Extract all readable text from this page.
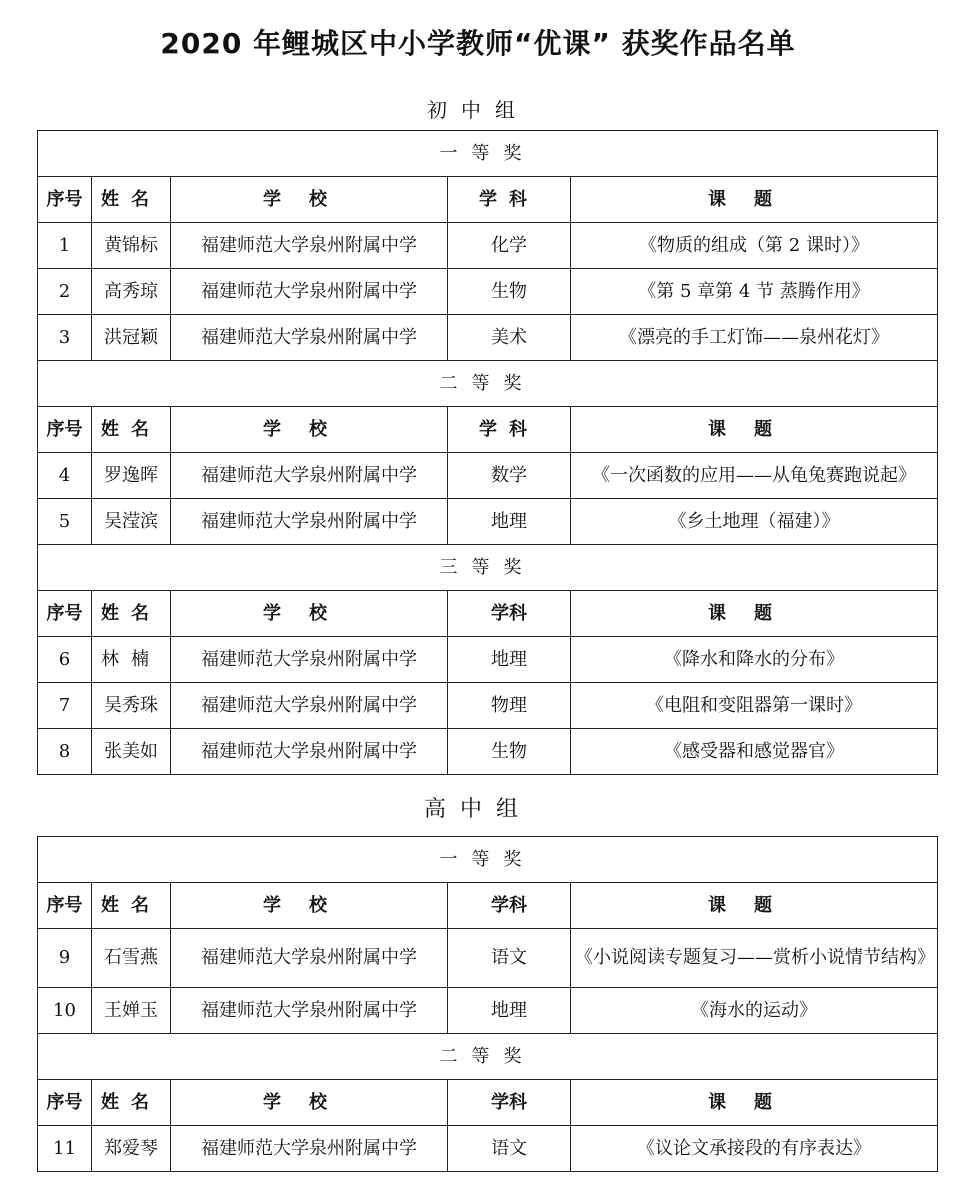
2020 年鲤城区中小学教师“优课” 获奖作品名单
初中组
一等奖				
序号	姓名	学校	学科	课题
1	黄锦标	福建师范大学泉州附属中学	化学	《物质的组成（第 2 课时）》
2	高秀琼	福建师范大学泉州附属中学	生物	《第 5 章第 4 节 蒸腾作用》
3	洪冠颖	福建师范大学泉州附属中学	美术	《漂亮的手工灯饰——泉州花灯》
二等奖				
序号	姓名	学校	学科	课题
4	罗逸晖	福建师范大学泉州附属中学	数学	《一次函数的应用——从龟兔赛跑说起》
5	吴滢滨	福建师范大学泉州附属中学	地理	《乡土地理（福建）》
三等奖				
序号	姓名	学校	学科	课题
6	林楠	福建师范大学泉州附属中学	地理	《降水和降水的分布》
7	吴秀珠	福建师范大学泉州附属中学	物理	《电阻和变阻器第一课时》
8	张美如	福建师范大学泉州附属中学	生物	《感受器和感觉器官》
高中组
一等奖				
序号	姓名	学校	学科	课题
9	石雪燕	福建师范大学泉州附属中学	语文	《小说阅读专题复习——赏析小说情节结构》
10	王婵玉	福建师范大学泉州附属中学	地理	《海水的运动》
二等奖				
序号	姓名	学校	学科	课题
11	郑爱琴	福建师范大学泉州附属中学	语文	《议论文承接段的有序表达》
